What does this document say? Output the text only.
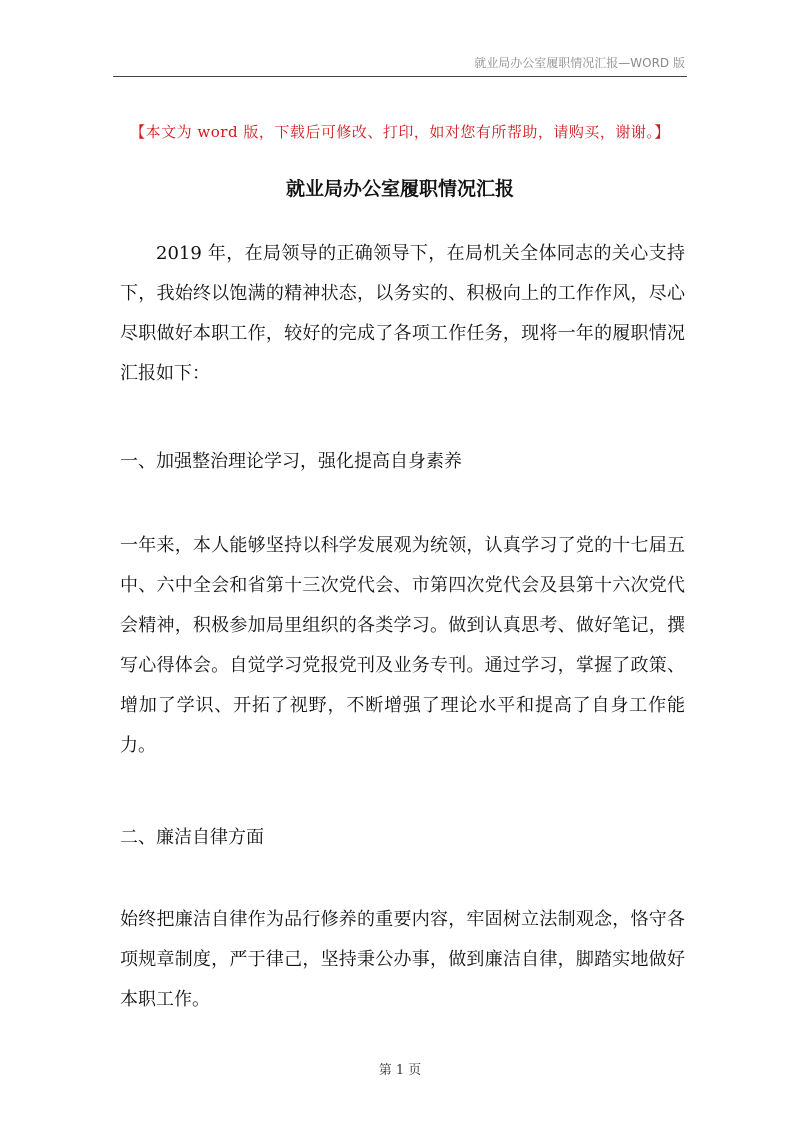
就业局办公室履职情况汇报—WORD 版
【本文为 word 版，下载后可修改、打印，如对您有所帮助，请购买，谢谢。】
就业局办公室履职情况汇报

2019 年，在局领导的正确领导下，在局机关全体同志的关心支持下，我始终以饱满的精神状态，以务实的、积极向上的工作作风，尽心尽职做好本职工作，较好的完成了各项工作任务，现将一年的履职情况汇报如下：

一、加强整治理论学习，强化提高自身素养

一年来，本人能够坚持以科学发展观为统领，认真学习了党的十七届五中、六中全会和省第十三次党代会、市第四次党代会及县第十六次党代会精神，积极参加局里组织的各类学习。做到认真思考、做好笔记，撰写心得体会。自觉学习党报党刊及业务专刊。通过学习，掌握了政策、增加了学识、开拓了视野，不断增强了理论水平和提高了自身工作能力。

二、廉洁自律方面

始终把廉洁自律作为品行修养的重要内容，牢固树立法制观念，恪守各项规章制度，严于律己，坚持秉公办事，做到廉洁自律，脚踏实地做好本职工作。

第 1 页
